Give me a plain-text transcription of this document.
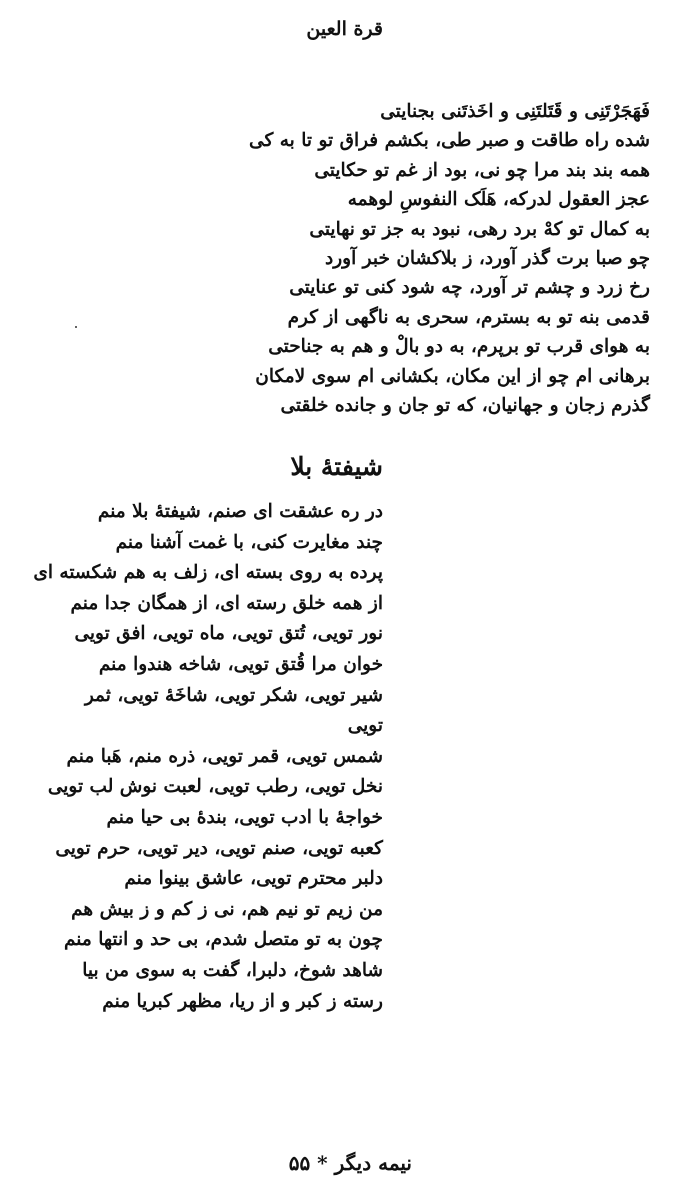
قرة العین
فَهَجَرْتَنِی و قَتَلتَنِی و اخَذتَنی بجنایتی
شده راه طاقت و صبر طی، بکشم فراق تو تا به کی
همه بند بند مرا چو نی، بود از غم تو حکایتی
عجز العقول لدرکه، هَلَک النفوسِ لوهمه
به کمال تو کهْ برد رهی، نبود به جز تو نهایتی
چو صبا برت گذر آورد، ز بلاکشان خبر آورد
رخ زرد و چشم تر آورد، چه شود کنی تو عنایتی
قدمی بنه تو به بسترم، سحری به ناگهی از کرم
به هوای قرب تو برپرم، به دو بالْ و هم به جناحتی
برهانی ام چو از این مکان، بکشانی ام سوی لامکان
گذرم زجان و جهانیان، که تو جان و جانده خلقتی
شیفتهٔ بلا
در ره عشقت ای صنم، شیفتهٔ بلا منم
چند مغایرت کنی، با غمت آشنا منم
پرده به روی بسته ای، زلف به هم شکسته ای
از همه خلق رسته ای، از همگان جدا منم
نور تویی، تُتق تویی، ماه تویی، افق تویی
خوان مرا قُتق تویی، شاخه هندوا منم
شیر تویی، شکر تویی، شاخَهٔ تویی، ثمر
تویی
شمس تویی، قمر تویی، ذره منم، هَبا منم
نخل تویی، رطب تویی، لعبت نوش لب تویی
خواجهٔ با ادب تویی، بندهٔ بی حیا منم
کعبه تویی، صنم تویی، دیر تویی، حرم تویی
دلبر محترم تویی، عاشق بینوا منم
من زیم تو نیم هم، نی ز کم و ز بیش هم
چون به تو متصل شدم، بی حد و انتها منم
شاهد شوخ، دلبرا، گفت به سوی من بیا
رسته ز کبر و از ریا، مظهر کبریا منم
نیمه دیگر * ۵۵
